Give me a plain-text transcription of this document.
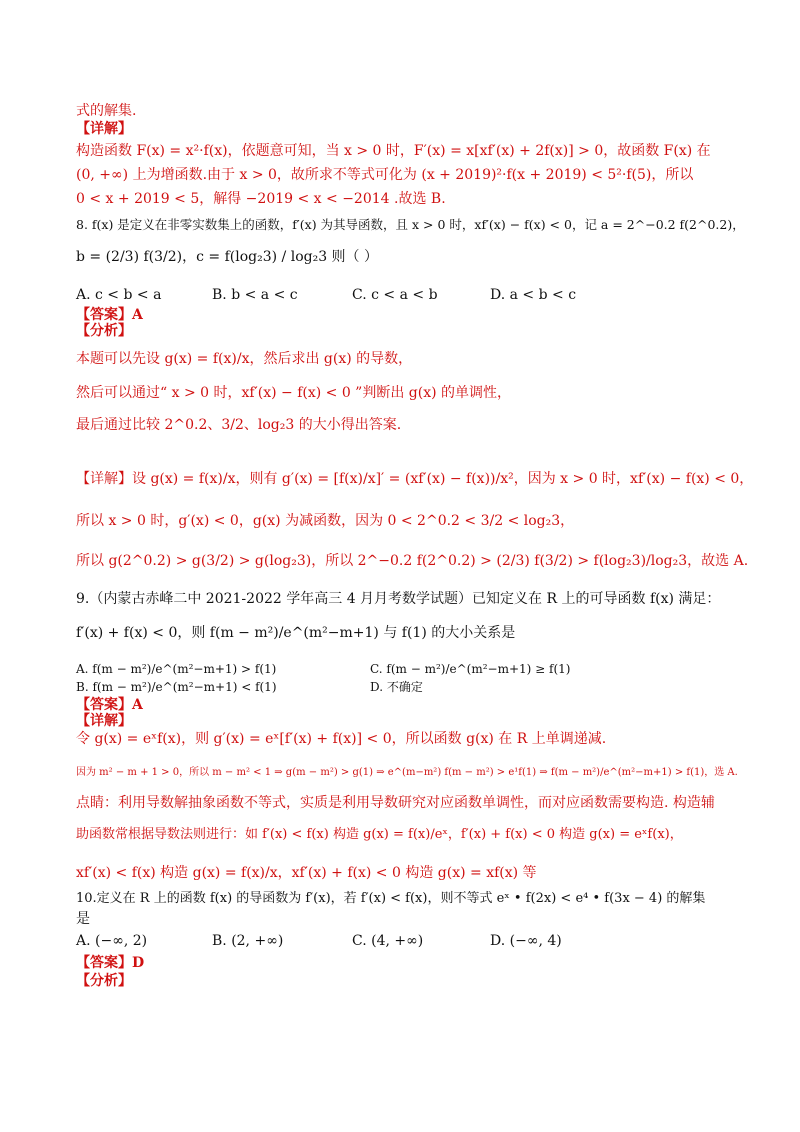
式的解集.
【详解】
构造函数 F(x) = x²·f(x)，依题意可知，当 x > 0 时，F′(x) = x[xf′(x) + 2f(x)] > 0，故函数 F(x) 在
(0, +∞) 上为增函数.由于 x > 0，故所求不等式可化为 (x + 2019)²·f(x + 2019) < 5²·f(5)，所以
0 < x + 2019 < 5，解得 −2019 < x < −2014 .故选 B.
8. f(x) 是定义在非零实数集上的函数，f′(x) 为其导函数，且 x > 0 时，xf′(x) − f(x) < 0，记 a = 2^−0.2 f(2^0.2)，
b = (2/3) f(3/2)，c = f(log₂3) / log₂3 则（ ）
A. c < b < a	B. b < a < c	C. c < a < b	D. a < b < c
【答案】A
【分析】
本题可以先设 g(x) = f(x)/x，然后求出 g(x) 的导数，
然后可以通过“ x > 0 时，xf′(x) − f(x) < 0 ”判断出 g(x) 的单调性，
最后通过比较 2^0.2、3/2、log₂3 的大小得出答案.
【详解】设 g(x) = f(x)/x，则有 g′(x) = [f(x)/x]′ = (xf′(x) − f(x))/x²，因为 x > 0 时，xf′(x) − f(x) < 0，
所以 x > 0 时，g′(x) < 0，g(x) 为减函数，因为 0 < 2^0.2 < 3/2 < log₂3，
所以 g(2^0.2) > g(3/2) > g(log₂3)，所以 2^−0.2 f(2^0.2) > (2/3) f(3/2) > f(log₂3)/log₂3，故选 A.
9.（内蒙古赤峰二中 2021-2022 学年高三 4 月月考数学试题）已知定义在 R 上的可导函数 f(x) 满足：
f′(x) + f(x) < 0，则 f(m − m²)/e^(m²−m+1) 与 f(1) 的大小关系是
A. f(m − m²)/e^(m²−m+1) > f(1)
B. f(m − m²)/e^(m²−m+1) < f(1)
C. f(m − m²)/e^(m²−m+1) ≥ f(1)
D. 不确定
【答案】A
【详解】
令 g(x) = eˣf(x)，则 g′(x) = eˣ[f′(x) + f(x)] < 0，所以函数 g(x) 在 R 上单调递减.
因为 m² − m + 1 > 0，所以 m − m² < 1 ⇒ g(m − m²) > g(1) ⇒ e^(m−m²) f(m − m²) > e¹f(1) ⇒ f(m − m²)/e^(m²−m+1) > f(1)，选 A.
点睛：利用导数解抽象函数不等式，实质是利用导数研究对应函数单调性，而对应函数需要构造. 构造辅
助函数常根据导数法则进行：如 f′(x) < f(x) 构造 g(x) = f(x)/eˣ，f′(x) + f(x) < 0 构造 g(x) = eˣf(x)，
xf′(x) < f(x) 构造 g(x) = f(x)/x，xf′(x) + f(x) < 0 构造 g(x) = xf(x) 等
10.定义在 R 上的函数 f(x) 的导函数为 f′(x)，若 f′(x) < f(x)，则不等式 eˣ • f(2x) < e⁴ • f(3x − 4) 的解集
是
A. (−∞, 2)	B. (2, +∞)	C. (4, +∞)	D. (−∞, 4)
【答案】D
【分析】
